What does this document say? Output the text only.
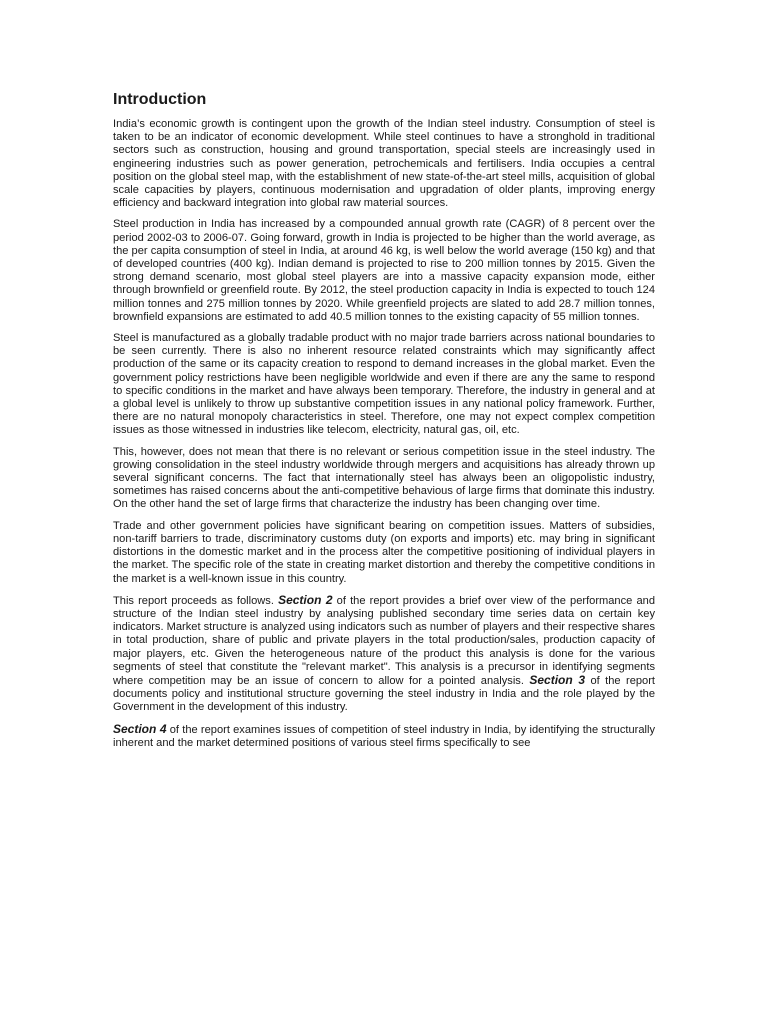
Introduction

India’s economic growth is contingent upon the growth of the Indian steel industry. Consumption of steel is taken to be an indicator of economic development. While steel continues to have a stronghold in traditional sectors such as construction, housing and ground transportation, special steels are increasingly used in engineering industries such as power generation, petrochemicals and fertilisers. India occupies a central position on the global steel map, with the establishment of new state-of-the-art steel mills, acquisition of global scale capacities by players, continuous modernisation and upgradation of older plants, improving energy efficiency and backward integration into global raw material sources.

Steel production in India has increased by a compounded annual growth rate (CAGR) of 8 percent over the period 2002-03 to 2006-07. Going forward, growth in India is projected to be higher than the world average, as the per capita consumption of steel in India, at around 46 kg, is well below the world average (150 kg) and that of developed countries (400 kg). Indian demand is projected to rise to 200 million tonnes by 2015. Given the strong demand scenario, most global steel players are into a massive capacity expansion mode, either through brownfield or greenfield route. By 2012, the steel production capacity in India is expected to touch 124 million tonnes and 275 million tonnes by 2020. While greenfield projects are slated to add 28.7 million tonnes, brownfield expansions are estimated to add 40.5 million tonnes to the existing capacity of 55 million tonnes.

Steel is manufactured as a globally tradable product with no major trade barriers across national boundaries to be seen currently. There is also no inherent resource related constraints which may significantly affect production of the same or its capacity creation to respond to demand increases in the global market. Even the government policy restrictions have been negligible worldwide and even if there are any the same to respond to specific conditions in the market and have always been temporary. Therefore, the industry in general and at a global level is unlikely to throw up substantive competition issues in any national policy framework. Further, there are no natural monopoly characteristics in steel. Therefore, one may not expect complex competition issues as those witnessed in industries like telecom, electricity, natural gas, oil, etc.

This, however, does not mean that there is no relevant or serious competition issue in the steel industry. The growing consolidation in the steel industry worldwide through mergers and acquisitions has already thrown up several significant concerns. The fact that internationally steel has always been an oligopolistic industry, sometimes has raised concerns about the anti-competitive behavious of large firms that dominate this industry. On the other hand the set of large firms that characterize the industry has been changing over time.

Trade and other government policies have significant bearing on competition issues. Matters of subsidies, non-tariff barriers to trade, discriminatory customs duty (on exports and imports) etc. may bring in significant distortions in the domestic market and in the process alter the competitive positioning of individual players in the market. The specific role of the state in creating market distortion and thereby the competitive conditions in the market is a well-known issue in this country.

This report proceeds as follows. Section 2 of the report provides a brief over view of the performance and structure of the Indian steel industry by analysing published secondary time series data on certain key indicators. Market structure is analyzed using indicators such as number of players and their respective shares in total production, share of public and private players in the total production/sales, production capacity of major players, etc. Given the heterogeneous nature of the product this analysis is done for the various segments of steel that constitute the "relevant market". This analysis is a precursor in identifying segments where competition may be an issue of concern to allow for a pointed analysis. Section 3 of the report documents policy and institutional structure governing the steel industry in India and the role played by the Government in the development of this industry.

Section 4 of the report examines issues of competition of steel industry in India, by identifying the structurally inherent and the market determined positions of various steel firms specifically to see
